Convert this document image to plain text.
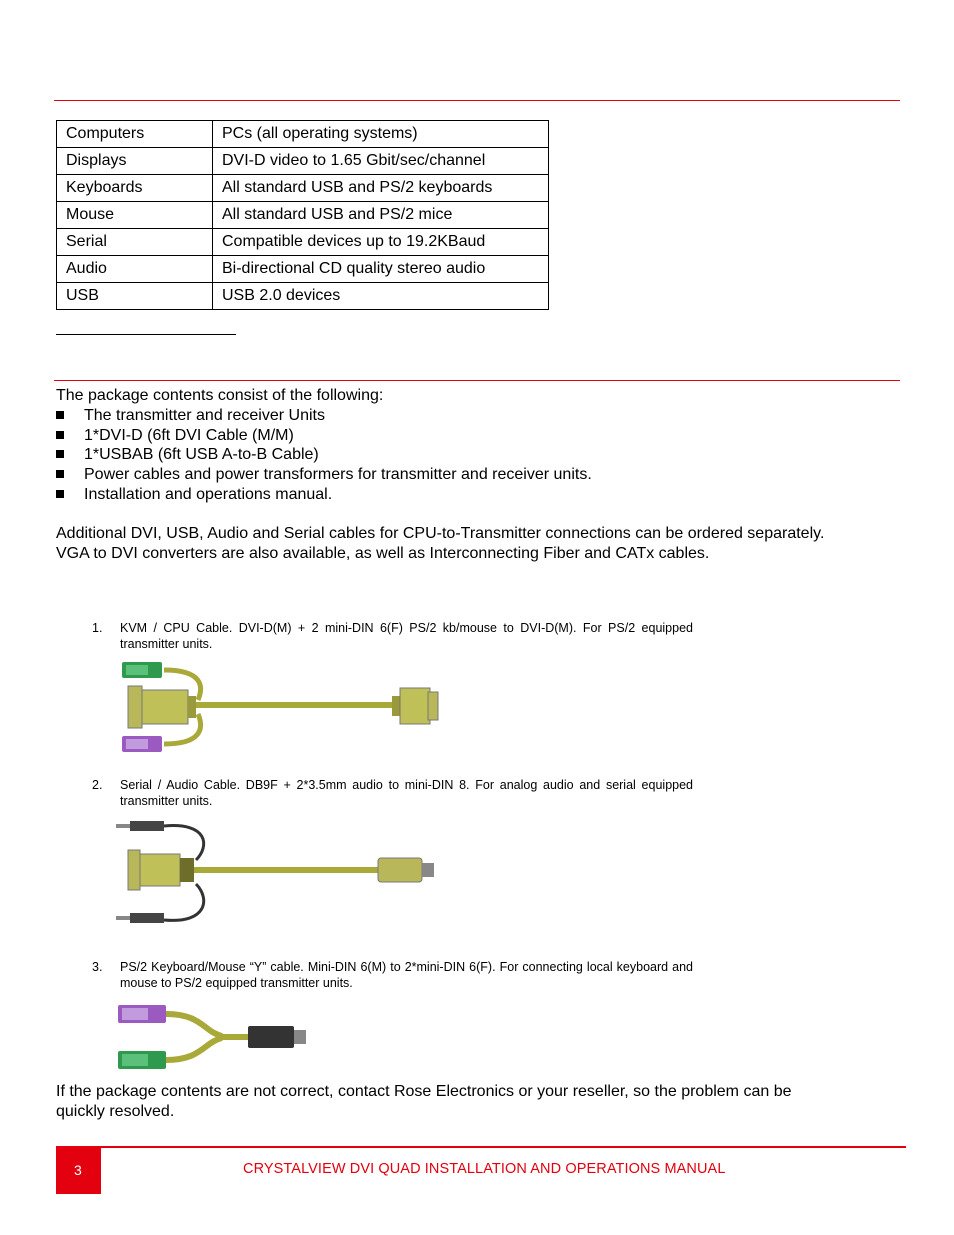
Computers	PCs (all operating systems)
Displays	DVI-D video to 1.65 Gbit/sec/channel
Keyboards	All standard USB and PS/2 keyboards
Mouse	All standard USB and PS/2 mice
Serial	Compatible devices up to 19.2KBaud
Audio	Bi-directional CD quality stereo audio
USB	USB 2.0 devices
The package contents consist of the following:
The transmitter and receiver Units
1*DVI-D (6ft DVI Cable (M/M)
1*USBAB (6ft USB A-to-B Cable)
Power cables and power transformers for transmitter and receiver units.
Installation and operations manual.
Additional DVI, USB, Audio and Serial cables for CPU-to-Transmitter connections can be ordered separately.
VGA to DVI converters are also available, as well as Interconnecting Fiber and CATx cables.
1. KVM / CPU Cable. DVI-D(M) + 2 mini-DIN 6(F) PS/2 kb/mouse to DVI-D(M). For PS/2 equipped transmitter units.
2. Serial / Audio Cable. DB9F + 2*3.5mm audio to mini-DIN 8. For analog audio and serial equipped transmitter units.
3. PS/2 Keyboard/Mouse “Y” cable. Mini-DIN 6(M) to 2*mini-DIN 6(F). For connecting local keyboard and mouse to PS/2 equipped transmitter units.
If the package contents are not correct, contact Rose Electronics or your reseller, so the problem can be
quickly resolved.
3	CRYSTALVIEW DVI QUAD INSTALLATION AND OPERATIONS MANUAL
